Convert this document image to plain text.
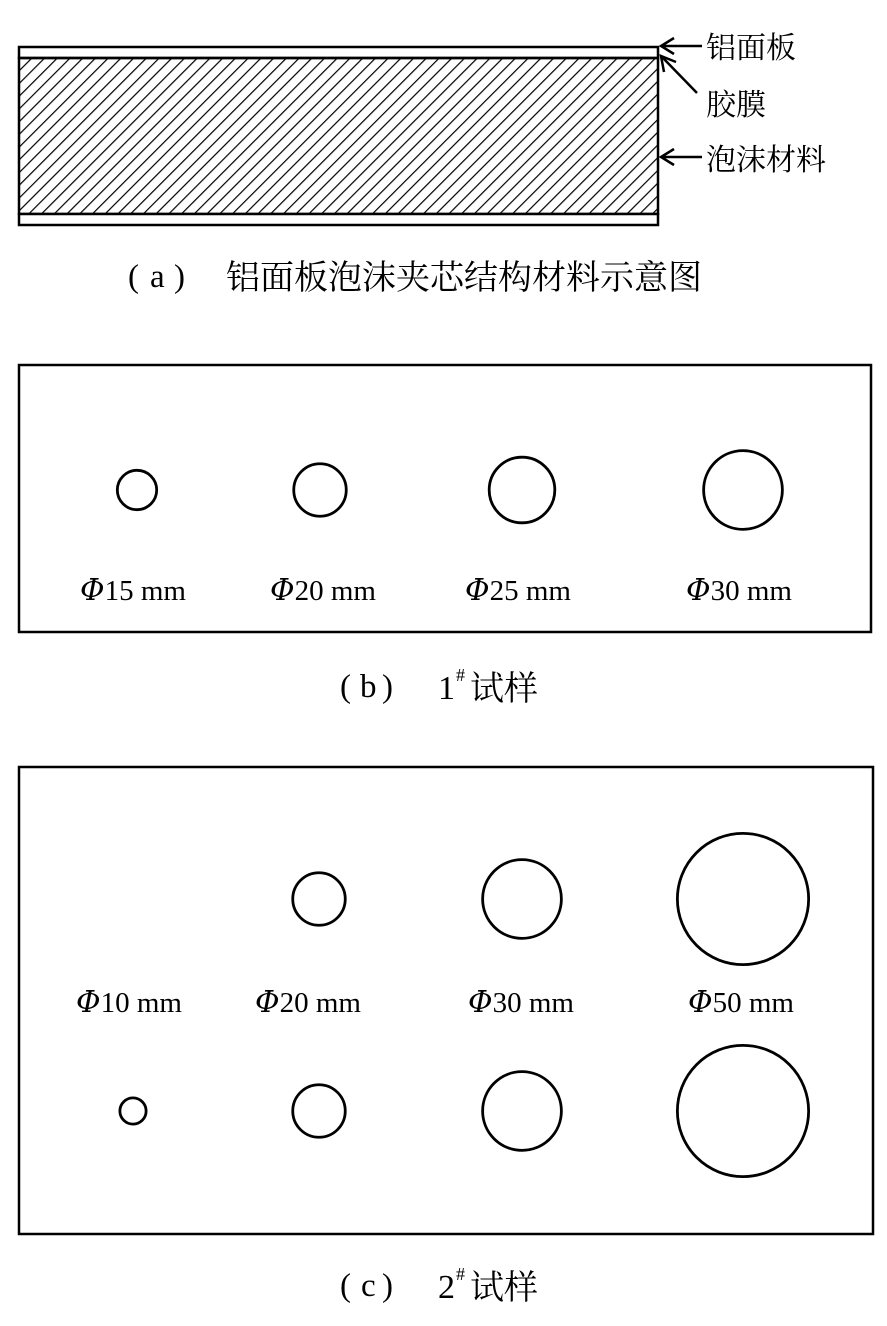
铝面板
胶膜
泡沫材料
( a ) 铝面板泡沫夹芯结构材料示意图
Φ15 mm	Φ20 mm	Φ25 mm	Φ30 mm
( b ) 1 # 试样
Φ10 mm Φ20 mm	Φ30 mm	Φ50 mm
( c ) 2 # 试样
